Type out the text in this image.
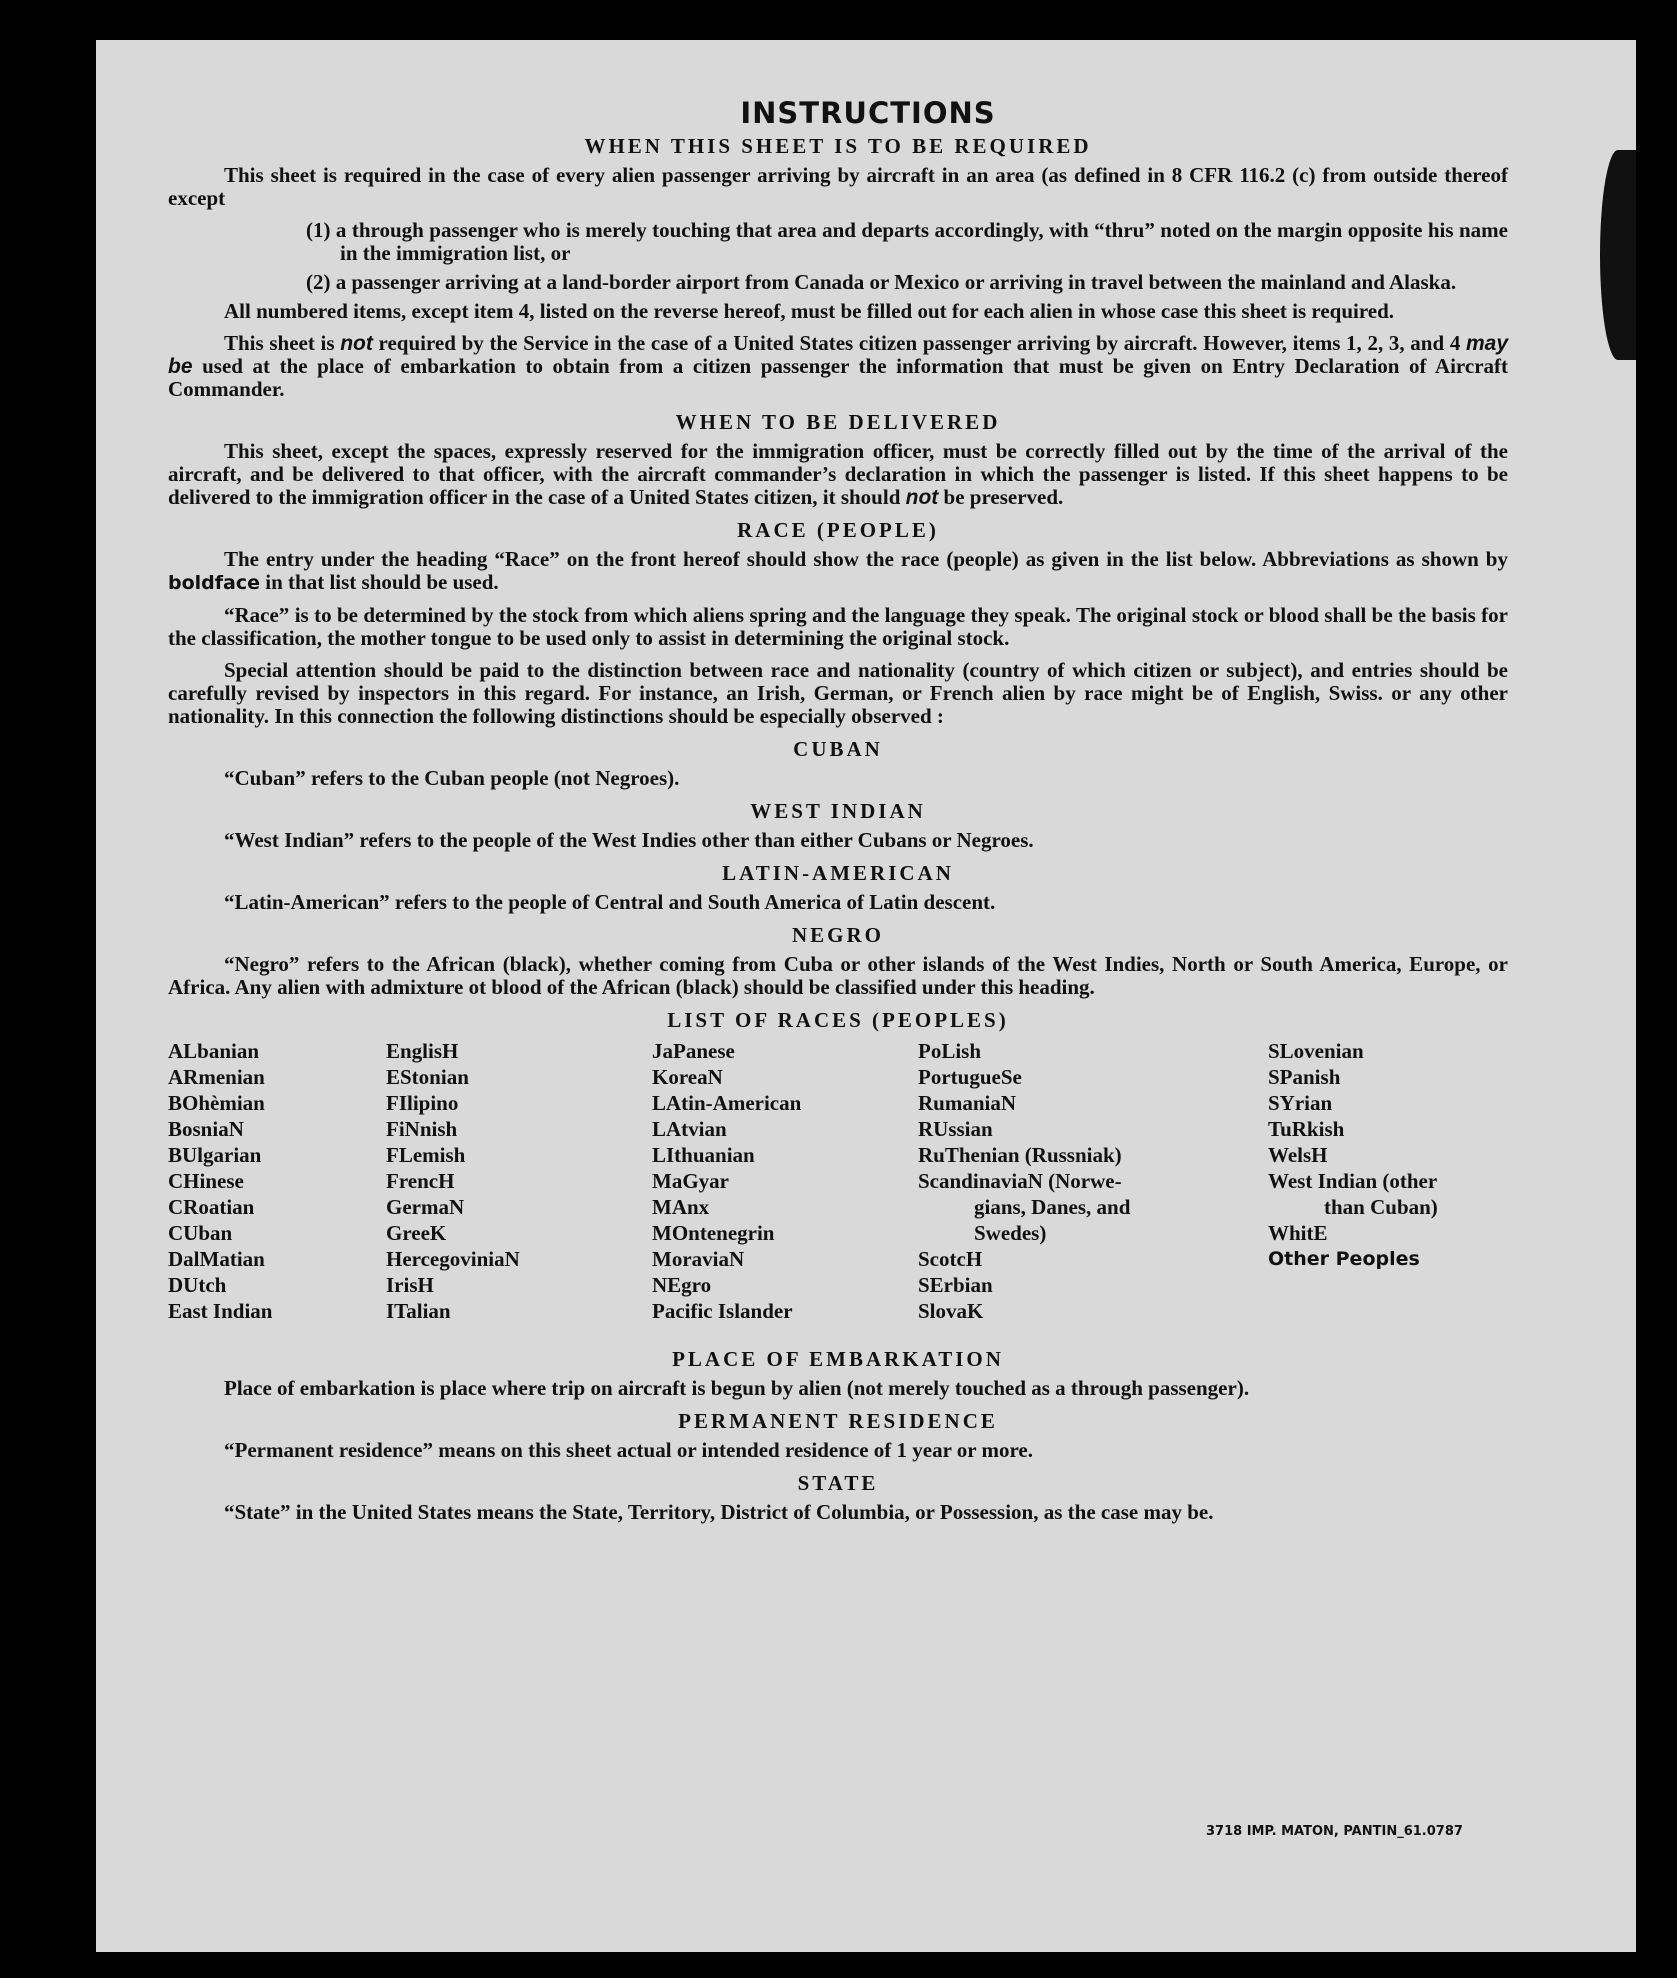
INSTRUCTIONS
WHEN THIS SHEET IS TO BE REQUIRED

This sheet is required in the case of every alien passenger arriving by aircraft in an area (as defined in 8 CFR 116.2 (c) from outside thereof except

(1) a through passenger who is merely touching that area and departs accordingly, with “thru” noted on the margin opposite his name in the immigration list, or

(2) a passenger arriving at a land-border airport from Canada or Mexico or arriving in travel between the mainland and Alaska.

All numbered items, except item 4, listed on the reverse hereof, must be filled out for each alien in whose case this sheet is required.

This sheet is not required by the Service in the case of a United States citizen passenger arriving by aircraft. However, items 1, 2, 3, and 4 may be used at the place of embarkation to obtain from a citizen passenger the information that must be given on Entry Declaration of Aircraft Commander.

WHEN TO BE DELIVERED

This sheet, except the spaces, expressly reserved for the immigration officer, must be correctly filled out by the time of the arrival of the aircraft, and be delivered to that officer, with the aircraft commander’s declaration in which the passenger is listed. If this sheet happens to be delivered to the immigration officer in the case of a United States citizen, it should not be preserved.

RACE (PEOPLE)

The entry under the heading “Race” on the front hereof should show the race (people) as given in the list below. Abbreviations as shown by boldface in that list should be used.

“Race” is to be determined by the stock from which aliens spring and the language they speak. The original stock or blood shall be the basis for the classification, the mother tongue to be used only to assist in determining the original stock.

Special attention should be paid to the distinction between race and nationality (country of which citizen or subject), and entries should be carefully revised by inspectors in this regard. For instance, an Irish, German, or French alien by race might be of English, Swiss. or any other nationality. In this connection the following distinctions should be especially observed :

CUBAN

“Cuban” refers to the Cuban people (not Negroes).

WEST INDIAN

“West Indian” refers to the people of the West Indies other than either Cubans or Negroes.

LATIN-AMERICAN

“Latin-American” refers to the people of Central and South America of Latin descent.

NEGRO

“Negro” refers to the African (black), whether coming from Cuba or other islands of the West Indies, North or South America, Europe, or Africa. Any alien with admixture ot blood of the African (black) should be classified under this heading.

LIST OF RACES (PEOPLES)
ALbanian
ARmenian
BOhèmian
BosniaN
BUlgarian
CHinese
CRoatian
CUban
DalMatian
DUtch
East Indian
EnglisH
EStonian
FIlipino
FiNnish
FLemish
FrencH
GermaN
GreeK
HercegoviniaN
IrisH
ITalian
JaPanese
KoreaN
LAtin-American
LAtvian
LIthuanian
MaGyar
MAnx
MOntenegrin
MoraviaN
NEgro
Pacific Islander
PoLish
PortugueSe
RumaniaN
RUssian
RuThenian (Russniak)
ScandinaviaN (Norwe-
gians, Danes, and
Swedes)
ScotcH
SErbian
SlovaK
SLovenian
SPanish
SYrian
TuRkish
WelsH
West Indian (other
than Cuban)
WhitE
Other Peoples
PLACE OF EMBARKATION

Place of embarkation is place where trip on aircraft is begun by alien (not merely touched as a through passenger).

PERMANENT RESIDENCE

“Permanent residence” means on this sheet actual or intended residence of 1 year or more.

STATE

“State” in the United States means the State, Territory, District of Columbia, or Possession, as the case may be.

3718 IMP. MATON, PANTIN_61.0787
